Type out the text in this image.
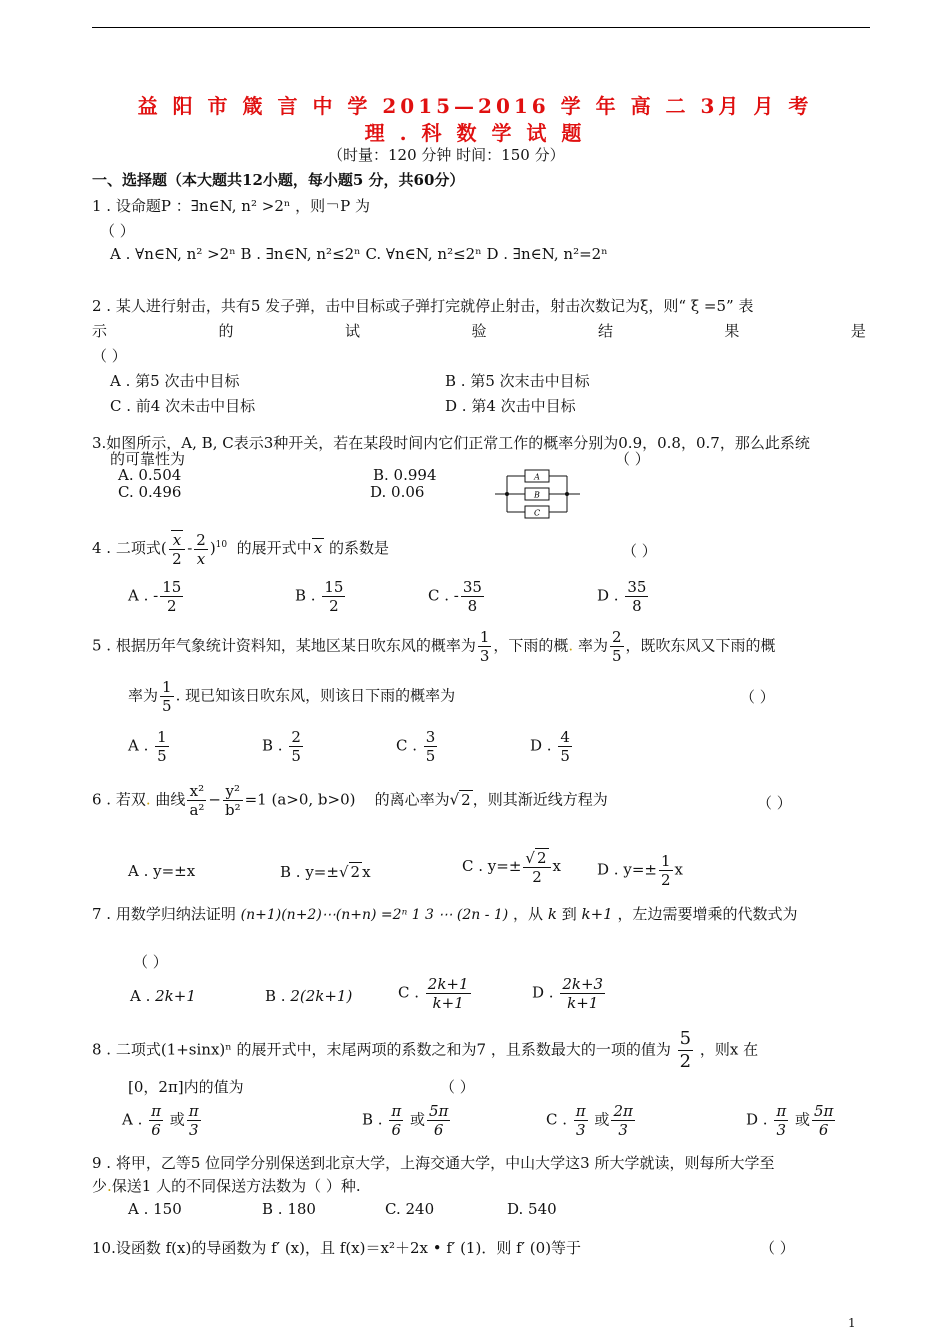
益 阳 市 箴 言 中 学 2015—2016 学 年 高 二 3月 月 考
理 . 科 数 学 试 题
（时量：120 分钟 时间：150 分）
一、选择题（本大题共12小题，每小题5 分，共60分）
1 . 设命题P ：∃n∈N, n² >2ⁿ ，则￢P 为
（ ）
A . ∀n∈N, n² >2ⁿ B . ∃n∈N, n²≤2ⁿ C. ∀n∈N, n²≤2ⁿ D . ∃n∈N, n²=2ⁿ
2 . 某人进行射击，共有5 发子弹，击中目标或子弹打完就停止射击，射击次数记为ξ，则“ ξ =5” 表
示	的	试	验	结	果	是
（ ）
A . 第5 次击中目标	B . 第5 次末击中目标
C . 前4 次未击中目标	D . 第4 次击中目标
3.如图所示，A, B, C表示3种开关，若在某段时间内它们正常工作的概率分别为0.9，0.8，0.7，那么此系统
的可靠性为	（ ）
A. 0.504	B. 0.994
C. 0.496	D. 0.06
A
B
C
4 . 二项式( $\frac{x}{2} - \frac{2}{x} )^{10}$ 的展开式中 x 的系数是	（ ）
A . - $\frac{15}{2}$	B . $\frac{15}{2}$	C . - $\frac{35}{8}$	D . $\frac{35}{8}$
5 . 根据历年气象统计资料知，某地区某日吹东风的概率为 $\frac{1}{3}$ ，下雨的概. 率为 $\frac{2}{5}$ ，既吹东风又下雨的概
率为 $\frac{1}{5}$ . 现已知该日吹东风，则该日下雨的概率为	（ ）
A . $\frac{1}{5}$	B . $\frac{2}{5}$	C . $\frac{3}{5}$	D . $\frac{4}{5}$
6 . 若双. 曲线 $\frac{\text{x²}}{\text{a²}} - \frac{\text{y²}}{\text{b²}} =1$ (a>0, b>0) 的离心率为√ 2 ，则其渐近线方程为	（ ）
A . y=±x	B . y=±√ 2 x	C . $y=\pm \frac{√ 2}{2}$ x D . $y=\pm \frac{1}{2}$ x
7 . 用数学归纳法证明 (n+1)(n+2)⋯(n+n) =2ⁿ 1 3 ⋯ (2n - 1) ，从 k 到 k+1 ，左边需要增乘的代数式为
（ ）
A . 2k+1	B . 2(2k+1)	C . $\frac{2k+1}{k+1}$	D . $\frac{2k+3}{k+1}$
8 . 二项式(1+sinx)ⁿ 的展开式中，末尾两项的系数之和为7 ，且系数最大的一项的值为 $\frac{5}{2}$ ，则x 在
[0，2π]内的值为	（ ）
A . $\frac{\pi}{6}$ 或 $\frac{\pi}{3}$	B . $\frac{\pi}{6}$ 或 $\frac{5\pi}{6}$	C . $\frac{\pi}{3}$ 或 $\frac{2\pi}{3}$	D . $\frac{\pi}{3}$ 或 $\frac{5\pi}{6}$
9 . 将甲，乙等5 位同学分别保送到北京大学，上海交通大学，中山大学这3 所大学就读，则每所大学至
少.保送1 人的不同保送方法数为（ ）种.
A . 150	B . 180	C. 240	D. 540
10.设函数 f(x)的导函数为 f′ (x)，且 f(x)＝x²＋2x • f′ (1)．则 f′ (0)等于	（ ）
1
